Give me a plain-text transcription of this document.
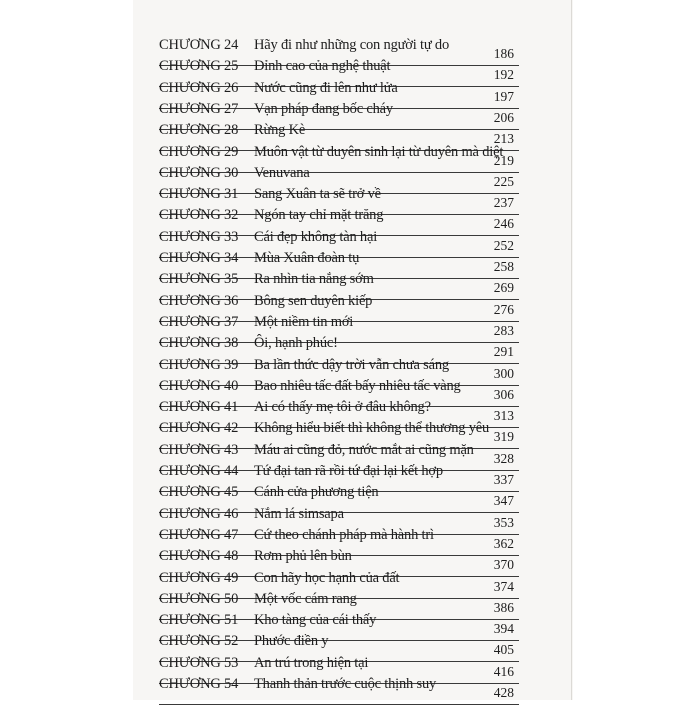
CHƯƠNG 24 Hãy đi như những con người tự do
186
CHƯƠNG 25 Đỉnh cao của nghệ thuật
192
CHƯƠNG 26 Nước cũng đi lên như lửa
197
CHƯƠNG 27 Vạn pháp đang bốc cháy
206
CHƯƠNG 28 Rừng Kè
213
CHƯƠNG 29 Muôn vật từ duyên sinh lại từ duyên mà diệt
219
CHƯƠNG 30 Venuvana
225
CHƯƠNG 31 Sang Xuân ta sẽ trở về
237
CHƯƠNG 32 Ngón tay chỉ mặt trăng
246
CHƯƠNG 33 Cái đẹp không tàn hại
252
CHƯƠNG 34 Mùa Xuân đoàn tụ
258
CHƯƠNG 35 Ra nhìn tia nắng sớm
269
CHƯƠNG 36 Bông sen duyên kiếp
276
CHƯƠNG 37 Một niềm tin mới
283
CHƯƠNG 38 Ôi, hạnh phúc!
291
CHƯƠNG 39 Ba lần thức dậy trời vẫn chưa sáng
300
CHƯƠNG 40 Bao nhiêu tấc đất bấy nhiêu tấc vàng
306
CHƯƠNG 41 Ai có thấy mẹ tôi ở đâu không?
313
CHƯƠNG 42 Không hiểu biết thì không thể thương yêu
319
CHƯƠNG 43 Máu ai cũng đỏ, nước mắt ai cũng mặn
328
CHƯƠNG 44 Tứ đại tan rã rồi tứ đại lại kết hợp
337
CHƯƠNG 45 Cánh cửa phương tiện
347
CHƯƠNG 46 Nắm lá simsapa
353
CHƯƠNG 47 Cứ theo chánh pháp mà hành trì
362
CHƯƠNG 48 Rơm phủ lên bùn
370
CHƯƠNG 49 Con hãy học hạnh của đất
374
CHƯƠNG 50 Một vốc cám rang
386
CHƯƠNG 51 Kho tàng của cái thấy
394
CHƯƠNG 52 Phước điền y
405
CHƯƠNG 53 An trú trong hiện tại
416
CHƯƠNG 54 Thanh thản trước cuộc thịnh suy
428
